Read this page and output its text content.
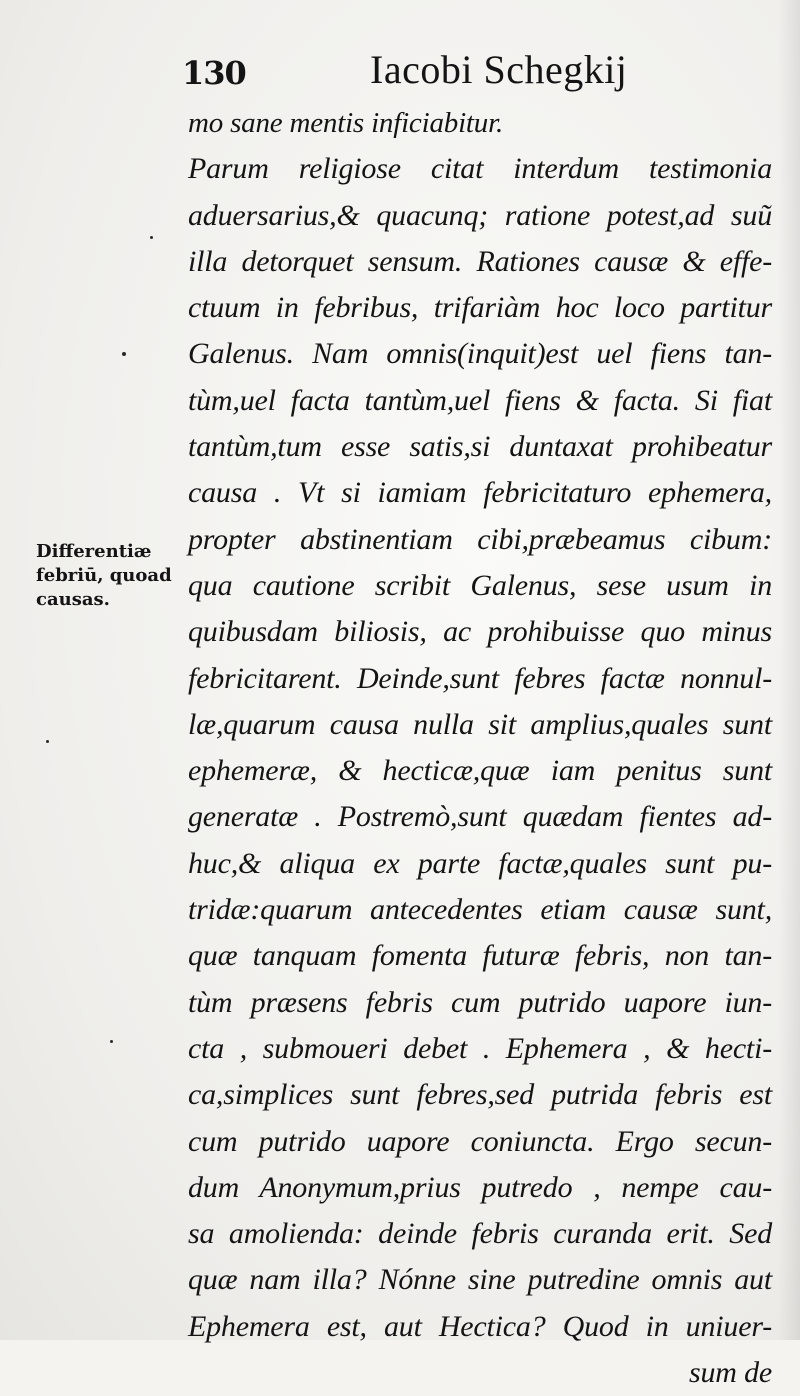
130	Iacobi Schegkij
Differentiæ
febriū, quoad
causas.
mo sane mentis inficiabitur.
Parum religiose citat interdum testimonia
aduersarius,& quacunq; ratione potest,ad suũ
illa detorquet sensum. Rationes causæ & effe-
ctuum in febribus, trifariàm hoc loco partitur
Galenus. Nam omnis(inquit)est uel fiens tan-
tùm,uel facta tantùm,uel fiens & facta. Si fiat
tantùm,tum esse satis,si duntaxat prohibeatur
causa . Vt si iamiam febricitaturo ephemera,
propter abstinentiam cibi,præbeamus cibum:
qua cautione scribit Galenus, sese usum in
quibusdam biliosis, ac prohibuisse quo minus
febricitarent. Deinde,sunt febres factæ nonnul-
læ,quarum causa nulla sit amplius,quales sunt
ephemeræ, & hecticæ,quæ iam penitus sunt
generatæ . Postremò,sunt quædam fientes ad-
huc,& aliqua ex parte factæ,quales sunt pu-
tridæ:quarum antecedentes etiam causæ sunt,
quæ tanquam fomenta futuræ febris, non tan-
tùm præsens febris cum putrido uapore iun-
cta , submoueri debet . Ephemera , & hecti-
ca,simplices sunt febres,sed putrida febris est
cum putrido uapore coniuncta. Ergo secun-
dum Anonymum,prius putredo , nempe cau-
sa amolienda: deinde febris curanda erit. Sed
quæ nam illa? Nónne sine putredine omnis aut
Ephemera est, aut Hectica? Quod in uniuer-
sum de
